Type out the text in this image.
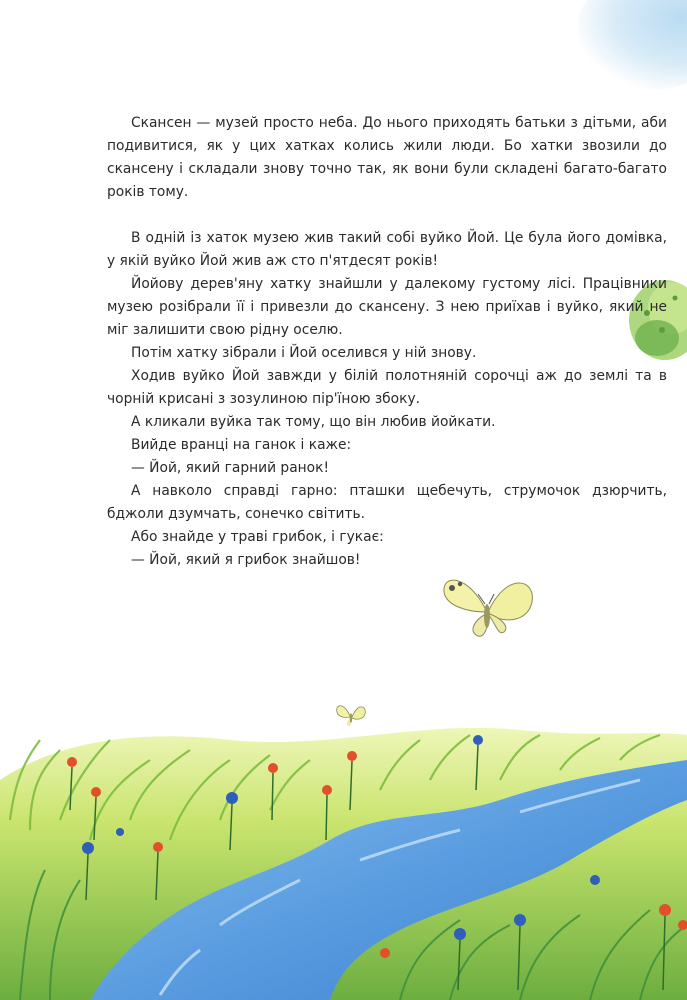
Скансен — музей просто неба. До нього приходять батьки з дітьми, аби подивитися, як у цих хатках колись жили люди. Бо хатки звозили до скансену і складали знову точно так, як вони були складені багато-багато років тому.

В одній із хаток музею жив такий собі вуйко Йой. Це була його домівка, у якій вуйко Йой жив аж сто п'ятдесят років!

Йойову дерев'яну хатку знайшли у далекому густому лісі. Працівники музею розібрали її і привезли до скансену. З нею приїхав і вуйко, який не міг залишити свою рідну оселю.

Потім хатку зібрали і Йой оселився у ній знову.

Ходив вуйко Йой завжди у білій полотняній сорочці аж до землі та в чорній крисані з зозулиною пір'їною збоку.

А кликали вуйка так тому, що він любив йойкати.

Вийде вранці на ганок і каже:

— Йой, який гарний ранок!

А навколо справді гарно: пташки щебечуть, струмочок дзюрчить, бджоли дзумчать, сонечко світить.

Або знайде у траві грибок, і гукає:

— Йой, який я грибок знайшов!
